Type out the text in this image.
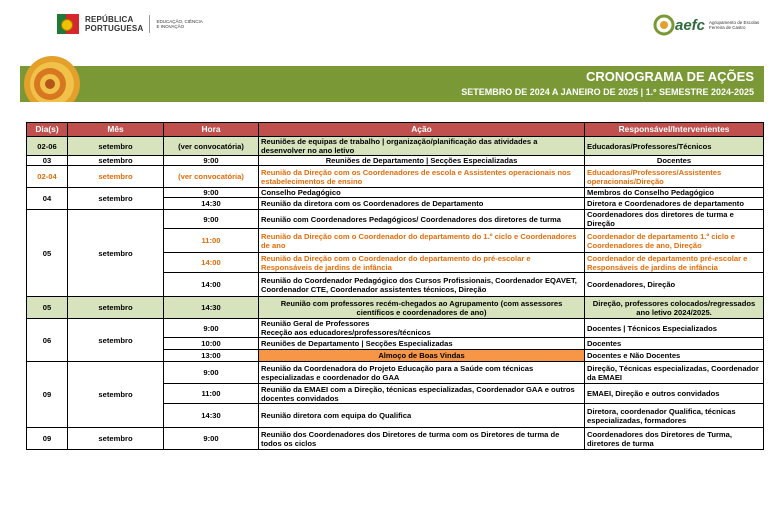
REPÚBLICA
PORTUGUESA
EDUCAÇÃO, CIÊNCIA
E INOVAÇÃO	aefc Agrupamento de Escolas
Ferreira de Castro
CRONOGRAMA DE AÇÕES
SETEMBRO DE 2024 A JANEIRO DE 2025 | 1.º SEMESTRE 2024-2025
Dia(s)	Mês	Hora	Ação	Responsável/Intervenientes
02-06	setembro	(ver convocatória)	Reuniões de equipas de trabalho | organização/planificação das atividades a desenvolver no ano letivo	Educadoras/Professores/Técnicos
03	setembro	9:00	Reuniões de Departamento | Secções Especializadas	Docentes
02-04	setembro	(ver convocatória)	Reunião da Direção com os Coordenadores de escola e Assistentes operacionais nos estabelecimentos de ensino	Educadoras/Professores/Assistentes operacionais/Direção
04	setembro	9:00	Conselho Pedagógico	Membros do Conselho Pedagógico
		14:30	Reunião da diretora com os Coordenadores de Departamento	Diretora e Coordenadores de departamento
05	setembro	9:00	Reunião com Coordenadores Pedagógicos/ Coordenadores dos diretores de turma	Coordenadores dos diretores de turma e Direção
		11:00	Reunião da Direção com o Coordenador do departamento do 1.º ciclo e Coordenadores de ano	Coordenador de departamento 1.º ciclo e Coordenadores de ano, Direção
		14:00	Reunião da Direção com o Coordenador do departamento do pré-escolar e Responsáveis de jardins de infância	Coordenador de departamento pré-escolar e Responsáveis de jardins de infância
		14:00	Reunião do Coordenador Pedagógico dos Cursos Profissionais, Coordenador EQAVET, Coordenador CTE, Coordenador assistentes técnicos, Direção	Coordenadores, Direção
05	setembro	14:30	Reunião com professores recém-chegados ao Agrupamento (com assessores científicos e coordenadores de ano)	Direção, professores colocados/regressados ano letivo 2024/2025.
06	setembro	9:00	Reunião Geral de Professores
Receção aos educadores/professores/técnicos	Docentes | Técnicos Especializados
		10:00	Reuniões de Departamento | Secções Especializadas	Docentes
		13:00	Almoço de Boas Vindas	Docentes e Não Docentes
09	setembro	9:00	Reunião da Coordenadora do Projeto Educação para a Saúde com técnicas especializadas e coordenador do GAA	Direção, Técnicas especializadas, Coordenador da EMAEI
		11:00	Reunião da EMAEI com a Direção, técnicas especializadas, Coordenador GAA e outros docentes convidados	EMAEI, Direção e outros convidados
		14:30	Reunião diretora com equipa do Qualifica	Diretora, coordenador Qualifica, técnicas especializadas, formadores
09	setembro	9:00	Reunião dos Coordenadores dos Diretores de turma com os Diretores de turma de todos os ciclos	Coordenadores dos Diretores de Turma, diretores de turma
